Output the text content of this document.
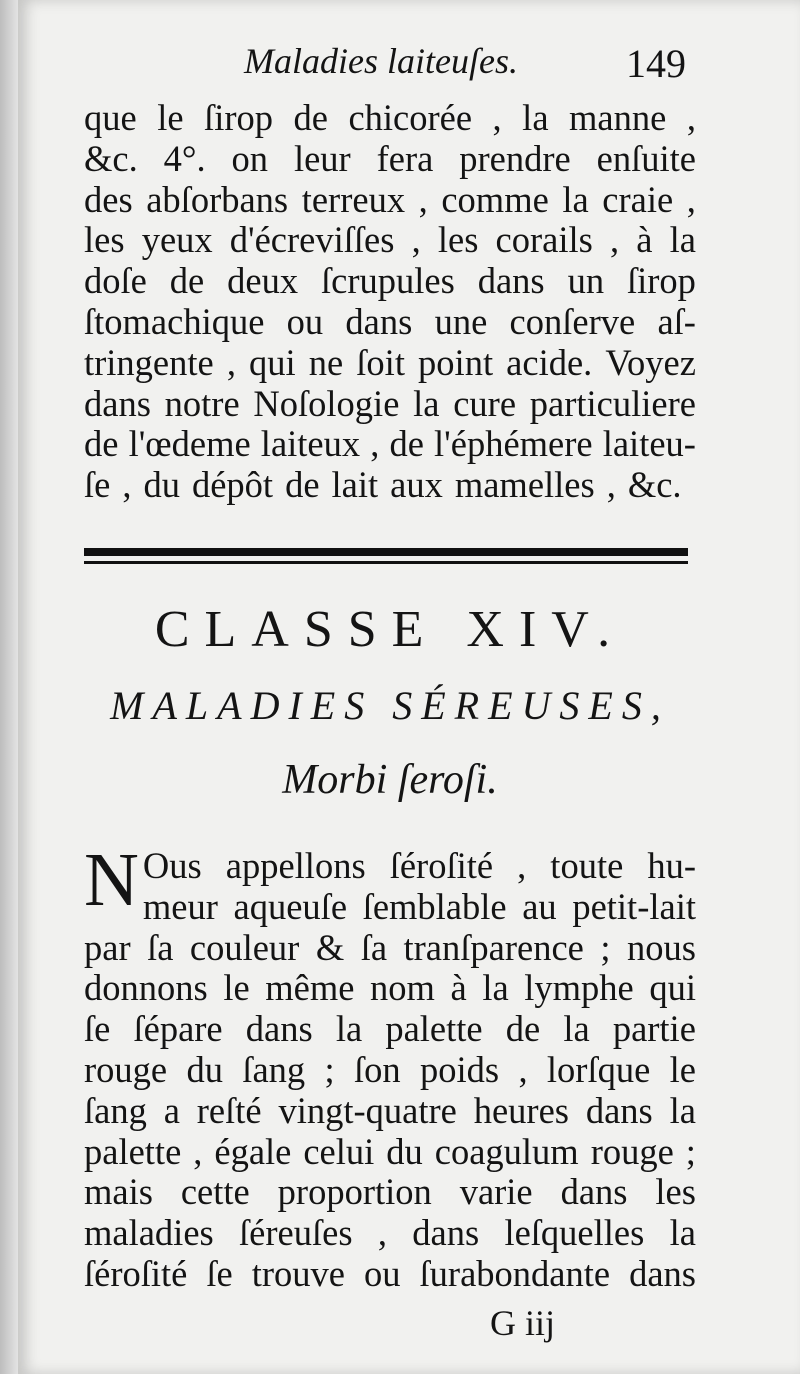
Maladies laiteuſes.	149
que le ſirop de chicorée , la manne ,
&c. 4°. on leur fera prendre enſuite
des abſorbans terreux , comme la craie ,
les yeux d'écreviſſes , les corails , à la
doſe de deux ſcrupules dans un ſirop
ſtomachique ou dans une conſerve aſ-
tringente , qui ne ſoit point acide. Voyez
dans notre Noſologie la cure particuliere
de l'œdeme laiteux , de l'éphémere laiteu-
ſe , du dépôt de lait aux mamelles , &c.
CLASSE XIV.
MALADIES SÉREUSES,
Morbi ſeroſi.
N Ous appellons ſéroſité , toute hu-
meur aqueuſe ſemblable au petit-lait
par ſa couleur & ſa tranſparence ; nous
donnons le même nom à la lymphe qui
ſe ſépare dans la palette de la partie
rouge du ſang ; ſon poids , lorſque le
ſang a reſté vingt-quatre heures dans la
palette , égale celui du coagulum rouge ;
mais cette proportion varie dans les
maladies ſéreuſes , dans leſquelles la
ſéroſité ſe trouve ou ſurabondante dans
G iij
